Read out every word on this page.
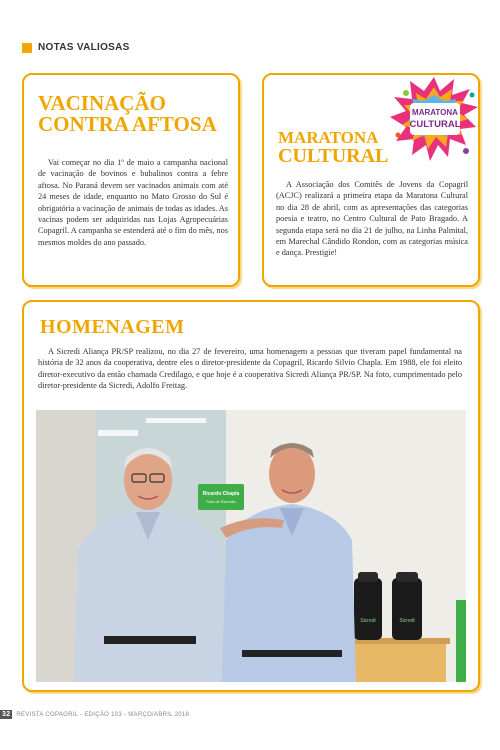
NOTAS VALIOSAS
VACINAÇÃO
CONTRA AFTOSA
Vai começar no dia 1º de maio a campanha nacional de vacinação de bovinos e bubalinos contra a febre aftosa. No Paraná devem ser vacinados animais com até 24 meses de idade, enquanto no Mato Grosso do Sul é obrigatória a vacinação de animais de todas as idades. As vacinas podem ser adquiridas nas Lojas Agropecuárias Copagril. A campanha se estenderá até o fim do mês, nos mesmos moldes do ano passado.
MARATONA
CULTURAL
MARATONA
CULTURAL
A Associação dos Comitês de Jovens da Copagril (ACJC) realizará a primeira etapa da Maratona Cultural no dia 28 de abril, com as apresentações das categorias poesia e teatro, no Centro Cultural de Pato Bragado. A segunda etapa será no dia 21 de julho, na Linha Palmital, em Marechal Cândido Rondon, com as categorias música e dança. Prestigie!
HOMENAGEM
A Sicredi Aliança PR/SP realizou, no dia 27 de fevereiro, uma homenagem a pessoas que tiveram papel fundamental na história de 32 anos da cooperativa, dentre eles o diretor-presidente da Copagril, Ricardo Silvio Chapla. Em 1988, ele foi eleito diretor-executivo da então chamada Credilago, e que hoje é a cooperativa Sicredi Aliança PR/SP. Na foto, cumprimentado pelo diretor-presidente da Sicredi, Adolfo Freitag.
Ricardo Chapla
Sala de Reunião
Sicredi	Sicredi
32 REVISTA COPAGRIL - EDIÇÃO 103 - MARÇO/ABRIL 2018
